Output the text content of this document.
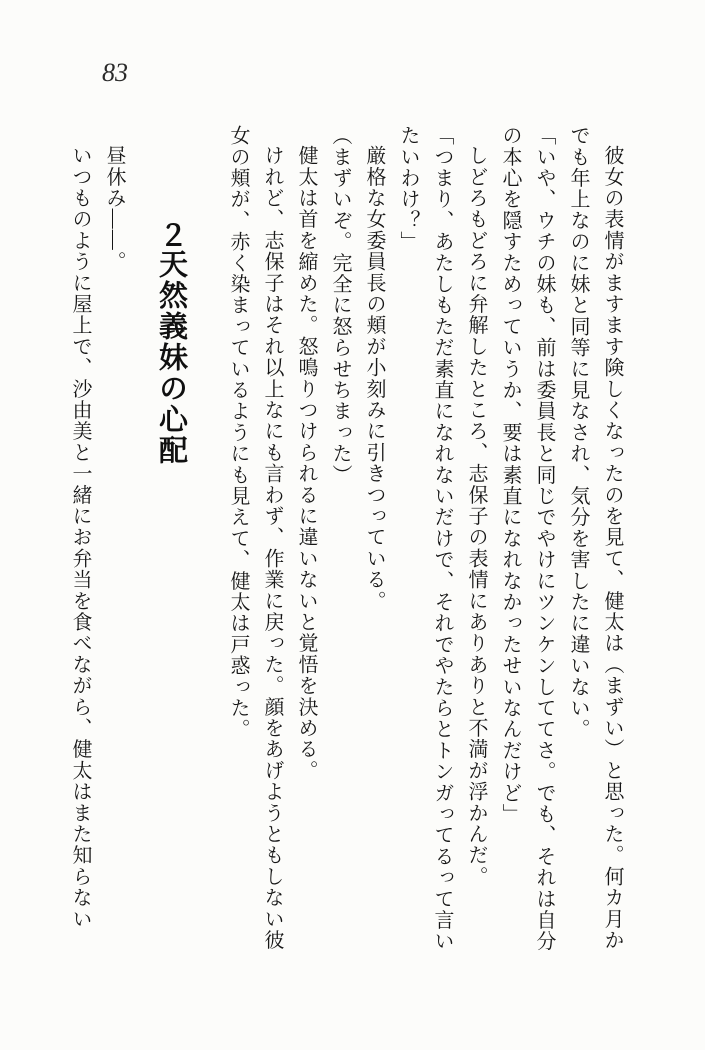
83

彼女の表情がますます険しくなったのを見て、健太は（まずい）と思った。何カ月かでも年上なのに妹と同等に見なされ、気分を害したに違いない。

「いや、ウチの妹も、前は委員長と同じでやけにツンケンしててさ。でも、それは自分の本心を隠すためっていうか、要は素直になれなかったせいなんだけど」

しどろもどろに弁解したところ、志保子の表情にありありと不満が浮かんだ。

「つまり、あたしもただ素直になれないだけで、それでやたらとトンガってるって言いたいわけ？」

厳格な女委員長の頬が小刻みに引きつっている。

（まずいぞ。完全に怒らせちまった）

健太は首を縮めた。怒鳴りつけられるに違いないと覚悟を決める。

けれど、志保子はそれ以上なにも言わず、作業に戻った。顔をあげようともしない彼女の頬が、赤く染まっているようにも見えて、健太は戸惑った。

２天然義妹の心配

昼休み――。

いつものように屋上で、沙由美と一緒にお弁当を食べながら、健太はまた知らない
